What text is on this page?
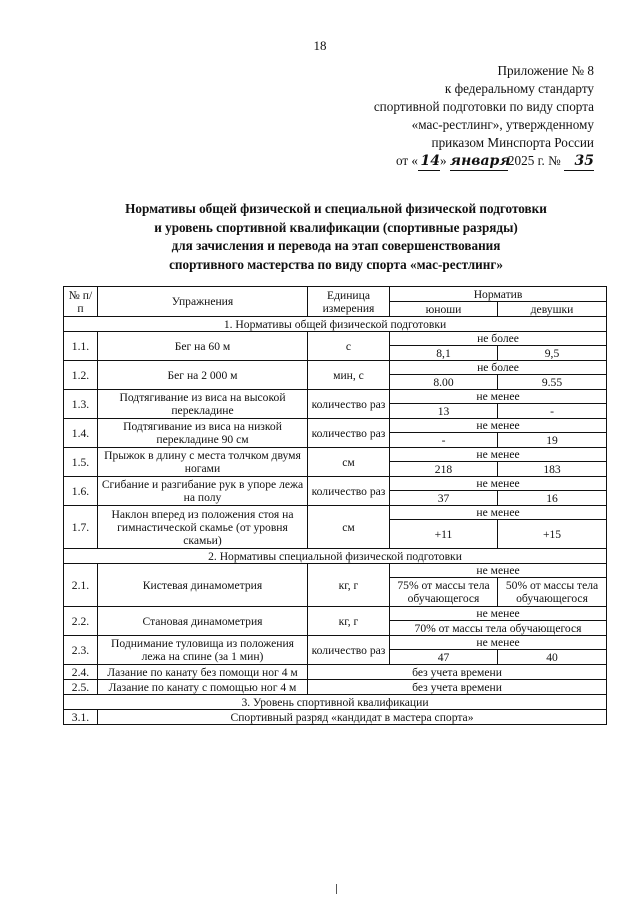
18
Приложение № 8
к федеральному стандарту
спортивной подготовки по виду спорта
«мас-рестлинг», утвержденному
приказом Минспорта России
от « 14» января2025 г. № 35
Нормативы общей физической и специальной физической подготовки
и уровень спортивной квалификации (спортивные разряды)
для зачисления и перевода на этап совершенствования
спортивного мастерства по виду спорта «мас-рестлинг»
№ п/п	Упражнения	Единица измерения	Норматив	
			юноши	девушки
1. Нормативы общей физической подготовки				
1.1.	Бег на 60 м	с	не более	
			8,1	9,5
1.2.	Бег на 2 000 м	мин, с	не более	
			8.00	9.55
1.3.	Подтягивание из виса на высокой перекладине	количество раз	не менее	
			13	-
1.4.	Подтягивание из виса на низкой перекладине 90 см	количество раз	не менее	
			-	19
1.5.	Прыжок в длину с места толчком двумя ногами	см	не менее	
			218	183
1.6.	Сгибание и разгибание рук в упоре лежа на полу	количество раз	не менее	
			37	16
1.7.	Наклон вперед из положения стоя на гимнастической скамье (от уровня скамьи)	см	не менее	
			+11	+15
2. Нормативы специальной физической подготовки				
2.1.	Кистевая динамометрия	кг, г	не менее	
			75% от массы тела обучающегося	50% от массы тела обучающегося
2.2.	Становая динамометрия	кг, г	не менее	
			70% от массы тела обучающегося	
2.3.	Поднимание туловища из положения лежа на спине (за 1 мин)	количество раз	не менее	
			47	40
2.4.	Лазание по канату без помощи ног 4 м	без учета времени		
2.5.	Лазание по канату с помощью ног 4 м	без учета времени		
3. Уровень спортивной квалификации				
3.1.	Спортивный разряд «кандидат в мастера спорта»			
